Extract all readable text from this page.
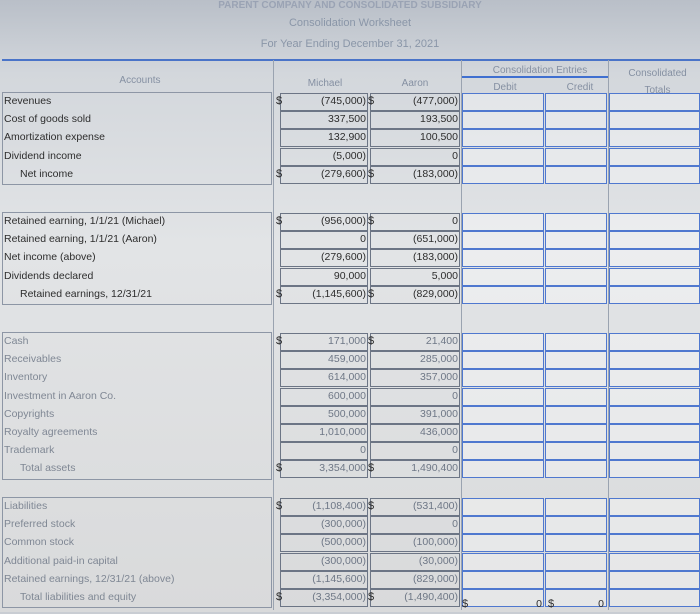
PARENT COMPANY AND CONSOLIDATED SUBSIDIARY
Consolidation Worksheet
For Year Ending December 31, 2021
Accounts	Michael	Aaron
Consolidation Entries
Debit	Credit
Consolidated
Totals
Revenues	(745,000)	(477,000)
$	$
Cost of goods sold	337,500	193,500
Amortization expense	132,900	100,500
Dividend income	(5,000)	0
Net income	(279,600)	(183,000)
$	$
Retained earning, 1/1/21 (Michael)	(956,000)	0
$	$
Retained earning, 1/1/21 (Aaron)	0	(651,000)
Net income (above)	(279,600)	(183,000)
Dividends declared	90,000	5,000
Retained earnings, 12/31/21	(1,145,600)	(829,000)
$	$
Cash	171,000	21,400
$	$
Receivables	459,000	285,000
Inventory	614,000	357,000
Investment in Aaron Co.	600,000	0
Copyrights	500,000	391,000
Royalty agreements	1,010,000	436,000
Trademark	0	0
Total assets	3,354,000	1,490,400
$	$
Liabilities	(1,108,400)	(531,400)
$	$
Preferred stock	(300,000)	0
Common stock	(500,000)	(100,000)
Additional paid-in capital	(300,000)	(30,000)
Retained earnings, 12/31/21 (above)	(1,145,600)	(829,000)
Total liabilities and equity	(3,354,000)	(1,490,400)
$	$
$	$
0	0
